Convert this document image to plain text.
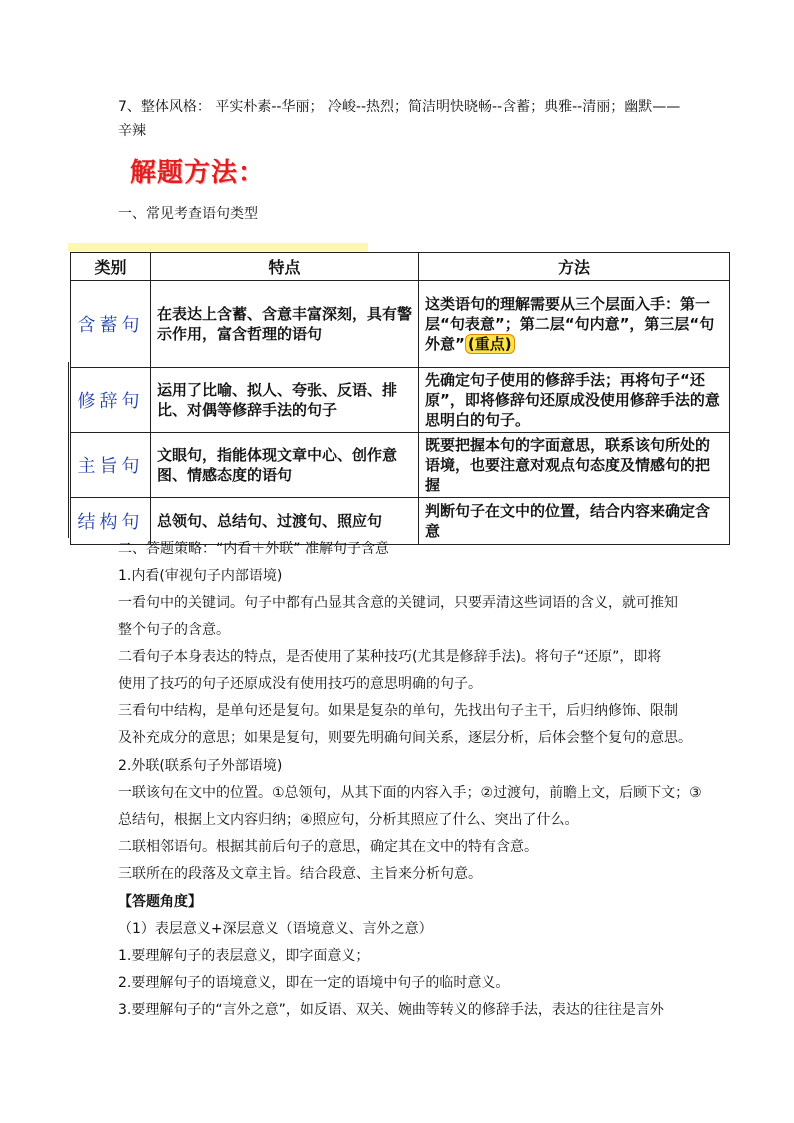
7、整体风格： 平实朴素--华丽； 冷峻--热烈；简洁明快晓畅--含蓄；典雅--清丽；幽默——

辛辣

解题方法：

一、常见考查语句类型

类别	特点	方法
含蓄句	在表达上含蓄、含意丰富深刻，具有警示作用，富含哲理的语句	这类语句的理解需要从三个层面入手：第一层“句表意”；第二层“句内意”，第三层“句外意” (重点)
修辞句	运用了比喻、拟人、夸张、反语、排比、对偶等修辞手法的句子	先确定句子使用的修辞手法；再将句子“还原”，即将修辞句还原成没使用修辞手法的意思明白的句子。
主旨句	文眼句，指能体现文章中心、创作意图、情感态度的语句	既要把握本句的字面意思，联系该句所处的语境，也要注意对观点句态度及情感句的把握
结构句	总领句、总结句、过渡句、照应句	判断句子在文中的位置，结合内容来确定含意

二、答题策略：“内看＋外联” 准解句子含意

1.内看(审视句子内部语境)

一看句中的关键词。句子中都有凸显其含意的关键词，只要弄清这些词语的含义，就可推知

整个句子的含意。

二看句子本身表达的特点，是否使用了某种技巧(尤其是修辞手法)。将句子“还原”，即将

使用了技巧的句子还原成没有使用技巧的意思明确的句子。

三看句中结构，是单句还是复句。如果是复杂的单句，先找出句子主干，后归纳修饰、限制

及补充成分的意思；如果是复句，则要先明确句间关系，逐层分析，后体会整个复句的意思。

2.外联(联系句子外部语境)

一联该句在文中的位置。①总领句，从其下面的内容入手；②过渡句，前瞻上文，后顾下文；③

总结句，根据上文内容归纳；④照应句，分析其照应了什么、突出了什么。

二联相邻语句。根据其前后句子的意思，确定其在文中的特有含意。

三联所在的段落及文章主旨。结合段意、主旨来分析句意。

【答题角度】

（1）表层意义+深层意义（语境意义、言外之意）

1.要理解句子的表层意义，即字面意义；

2.要理解句子的语境意义，即在一定的语境中句子的临时意义。

3.要理解句子的“言外之意”，如反语、双关、婉曲等转义的修辞手法，表达的往往是言外
